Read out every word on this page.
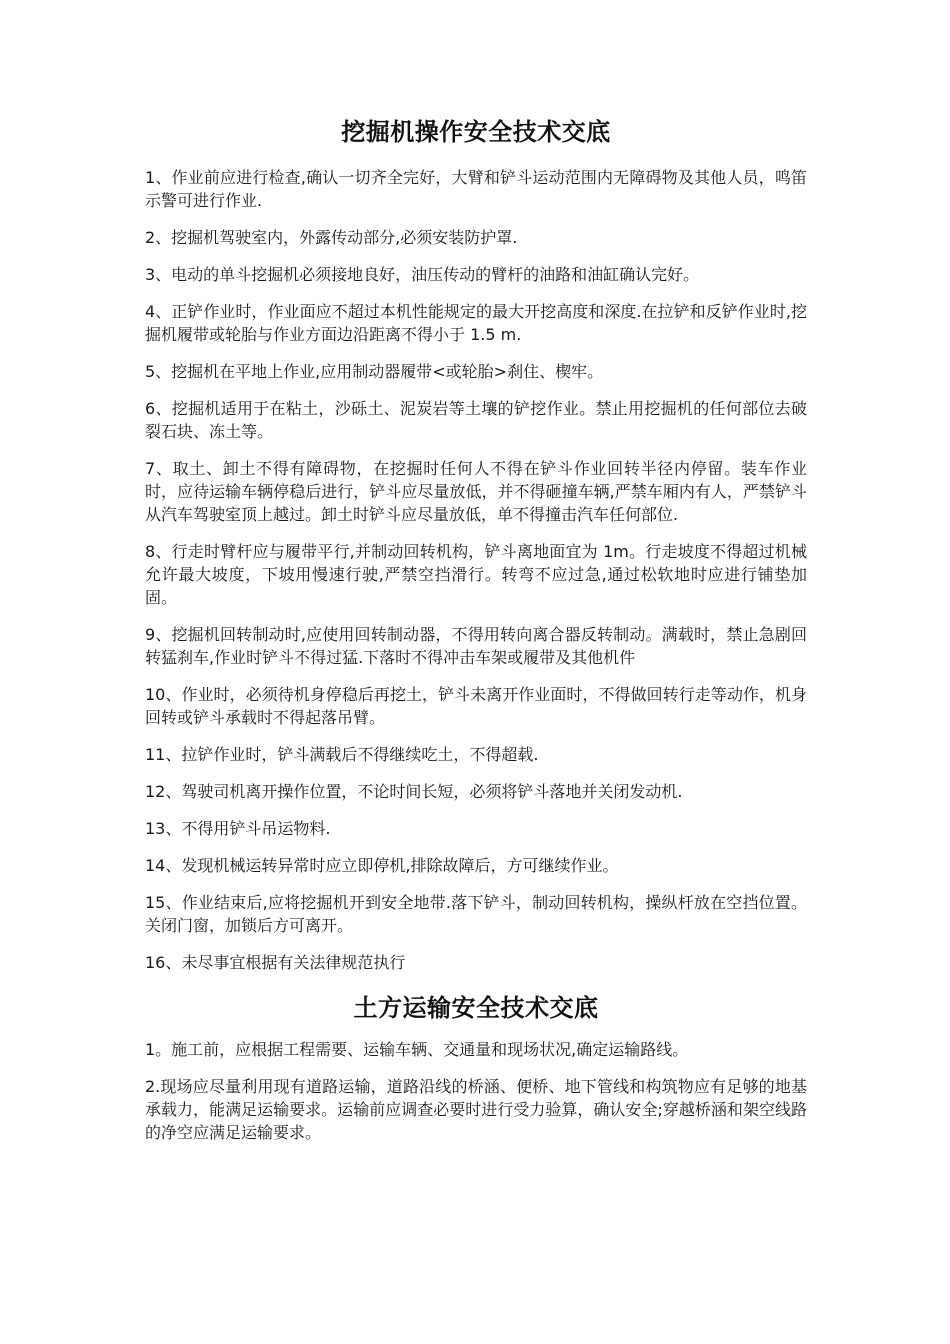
挖掘机操作安全技术交底

1、作业前应进行检查,确认一切齐全完好，大臂和铲斗运动范围内无障碍物及其他人员，鸣笛示警可进行作业.

2、挖掘机驾驶室内，外露传动部分,必须安装防护罩.

3、电动的单斗挖掘机必须接地良好，油压传动的臂杆的油路和油缸确认完好。

4、正铲作业时，作业面应不超过本机性能规定的最大开挖高度和深度.在拉铲和反铲作业时,挖掘机履带或轮胎与作业方面边沿距离不得小于 1.5 m.

5、挖掘机在平地上作业,应用制动器履带<或轮胎>刹住、楔牢。

6、挖掘机适用于在粘土，沙砾土、泥炭岩等土壤的铲挖作业。禁止用挖掘机的任何部位去破裂石块、冻土等。

7、取土、卸土不得有障碍物，在挖掘时任何人不得在铲斗作业回转半径内停留。装车作业时，应待运输车辆停稳后进行，铲斗应尽量放低，并不得砸撞车辆,严禁车厢内有人，严禁铲斗从汽车驾驶室顶上越过。卸土时铲斗应尽量放低，单不得撞击汽车任何部位.

8、行走时臂杆应与履带平行,并制动回转机构，铲斗离地面宜为 1m。行走坡度不得超过机械允许最大坡度，下坡用慢速行驶,严禁空挡滑行。转弯不应过急,通过松软地时应进行铺垫加固。

9、挖掘机回转制动时,应使用回转制动器，不得用转向离合器反转制动。满载时，禁止急剧回转猛刹车,作业时铲斗不得过猛.下落时不得冲击车架或履带及其他机件

10、作业时，必须待机身停稳后再挖土，铲斗未离开作业面时，不得做回转行走等动作，机身回转或铲斗承载时不得起落吊臂。

11、拉铲作业时，铲斗满载后不得继续吃土，不得超载.

12、驾驶司机离开操作位置，不论时间长短，必须将铲斗落地并关闭发动机.

13、不得用铲斗吊运物料.

14、发现机械运转异常时应立即停机,排除故障后，方可继续作业。

15、作业结束后,应将挖掘机开到安全地带.落下铲斗，制动回转机构，操纵杆放在空挡位置。关闭门窗，加锁后方可离开。

16、未尽事宜根据有关法律规范执行

土方运输安全技术交底

1。施工前，应根据工程需要、运输车辆、交通量和现场状况,确定运输路线。

2.现场应尽量利用现有道路运输，道路沿线的桥涵、便桥、地下管线和构筑物应有足够的地基承载力，能满足运输要求。运输前应调查必要时进行受力验算，确认安全;穿越桥涵和架空线路的净空应满足运输要求。
